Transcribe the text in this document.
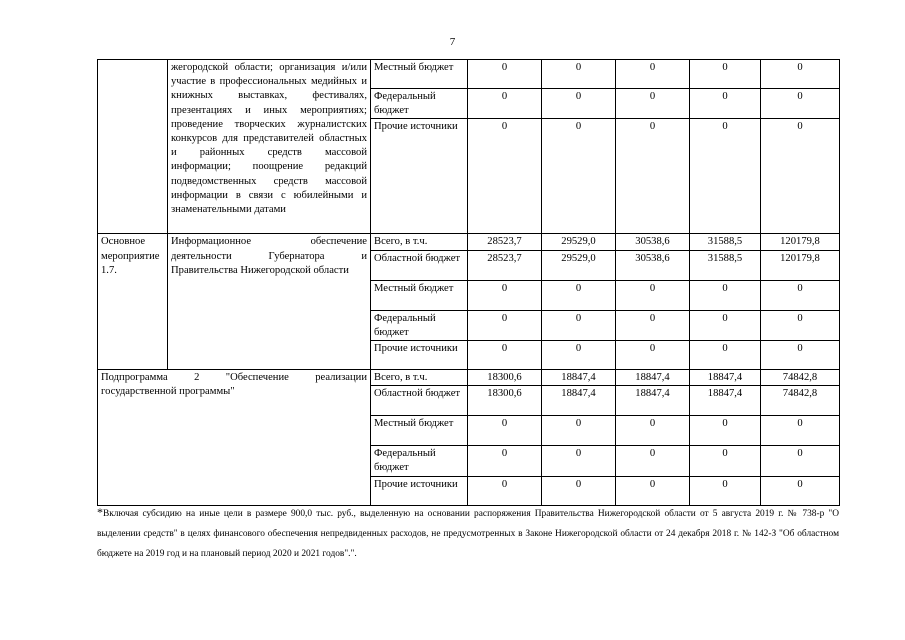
7
	жегородской области; организация и/или участие в профессиональных медийных и книжных выставках, фестивалях, презентациях и иных мероприятиях; проведение творческих журналистских конкурсов для представителей областных и районных средств массовой информации; поощрение редакций подведомственных средств массовой информации в связи с юбилейными и знаменательными датами	Местный бюджет	0	0	0	0	0
		Федеральный бюджет	0	0	0	0	0
		Прочие источники	0	0	0	0	0
Основное мероприятие 1.7.	Информационное обеспечение деятельности Губернатора и Правительства Нижегородской области	Всего, в т.ч.	28523,7	29529,0	30538,6	31588,5	120179,8
		Областной бюджет	28523,7	29529,0	30538,6	31588,5	120179,8
		Местный бюджет	0	0	0	0	0
		Федеральный бюджет	0	0	0	0	0
		Прочие источники	0	0	0	0	0
Подпрограмма 2 "Обеспечение реализации государственной программы"		Всего, в т.ч.	18300,6	18847,4	18847,4	18847,4	74842,8
		Областной бюджет	18300,6	18847,4	18847,4	18847,4	74842,8
		Местный бюджет	0	0	0	0	0
		Федеральный бюджет	0	0	0	0	0
		Прочие источники	0	0	0	0	0
*Включая субсидию на иные цели в размере 900,0 тыс. руб., выделенную на основании распоряжения Правительства Нижегородской области от 5 августа 2019 г. № 738-р "О выделении средств" в целях финансового обеспечения непредвиденных расходов, не предусмотренных в Законе Нижегородской области от 24 декабря 2018 г. № 142-З "Об областном бюджете на 2019 год и на плановый период 2020 и 2021 годов".".
